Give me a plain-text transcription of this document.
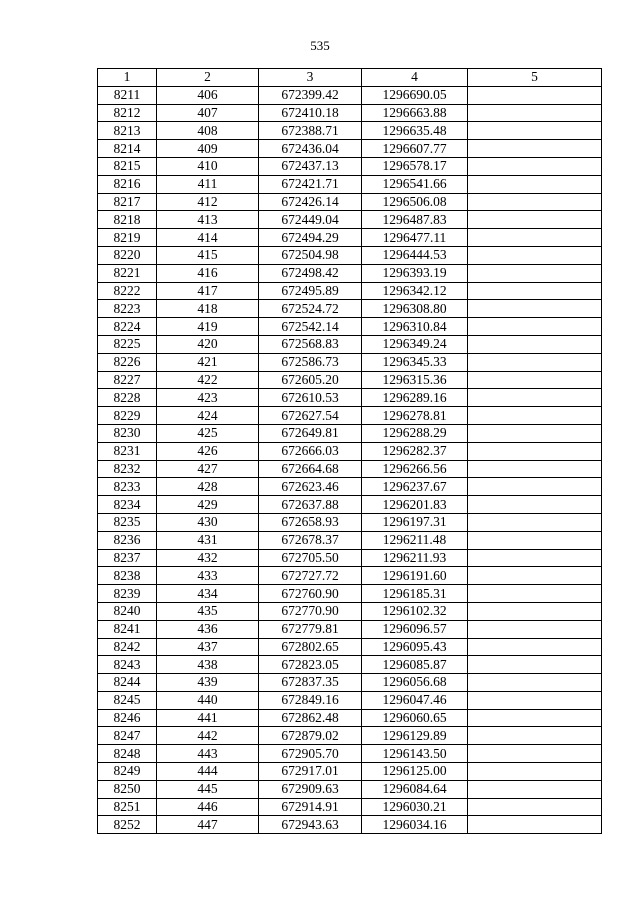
535
1	2	3	4	5
8211	406	672399.42	1296690.05	
8212	407	672410.18	1296663.88	
8213	408	672388.71	1296635.48	
8214	409	672436.04	1296607.77	
8215	410	672437.13	1296578.17	
8216	411	672421.71	1296541.66	
8217	412	672426.14	1296506.08	
8218	413	672449.04	1296487.83	
8219	414	672494.29	1296477.11	
8220	415	672504.98	1296444.53	
8221	416	672498.42	1296393.19	
8222	417	672495.89	1296342.12	
8223	418	672524.72	1296308.80	
8224	419	672542.14	1296310.84	
8225	420	672568.83	1296349.24	
8226	421	672586.73	1296345.33	
8227	422	672605.20	1296315.36	
8228	423	672610.53	1296289.16	
8229	424	672627.54	1296278.81	
8230	425	672649.81	1296288.29	
8231	426	672666.03	1296282.37	
8232	427	672664.68	1296266.56	
8233	428	672623.46	1296237.67	
8234	429	672637.88	1296201.83	
8235	430	672658.93	1296197.31	
8236	431	672678.37	1296211.48	
8237	432	672705.50	1296211.93	
8238	433	672727.72	1296191.60	
8239	434	672760.90	1296185.31	
8240	435	672770.90	1296102.32	
8241	436	672779.81	1296096.57	
8242	437	672802.65	1296095.43	
8243	438	672823.05	1296085.87	
8244	439	672837.35	1296056.68	
8245	440	672849.16	1296047.46	
8246	441	672862.48	1296060.65	
8247	442	672879.02	1296129.89	
8248	443	672905.70	1296143.50	
8249	444	672917.01	1296125.00	
8250	445	672909.63	1296084.64	
8251	446	672914.91	1296030.21	
8252	447	672943.63	1296034.16	
